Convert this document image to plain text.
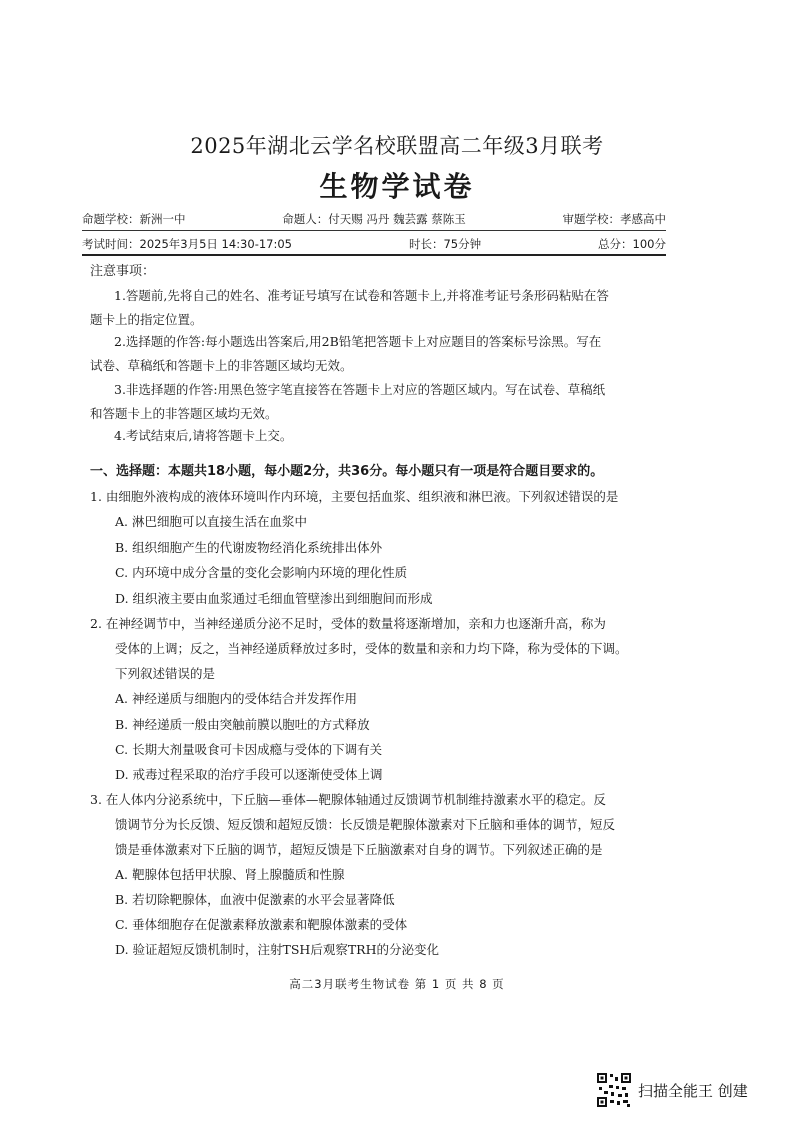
2025年湖北云学名校联盟高二年级3月联考
生物学试卷
命题学校：新洲一中	命题人：付天赐 冯丹 魏芸露 蔡陈玉	审题学校：孝感高中
考试时间：2025年3月5日 14:30-17:05	时长：75分钟	总分：100分
注意事项：
1.答题前,先将自己的姓名、准考证号填写在试卷和答题卡上,并将准考证号条形码粘贴在答
题卡上的指定位置。
2.选择题的作答:每小题选出答案后,用2B铅笔把答题卡上对应题目的答案标号涂黑。写在
试卷、草稿纸和答题卡上的非答题区域均无效。
3.非选择题的作答:用黑色签字笔直接答在答题卡上对应的答题区域内。写在试卷、草稿纸
和答题卡上的非答题区域均无效。
4.考试结束后,请将答题卡上交。
一、选择题：本题共18小题，每小题2分，共36分。每小题只有一项是符合题目要求的。
1. 由细胞外液构成的液体环境叫作内环境，主要包括血浆、组织液和淋巴液。下列叙述错误的是
A. 淋巴细胞可以直接生活在血浆中
B. 组织细胞产生的代谢废物经消化系统排出体外
C. 内环境中成分含量的变化会影响内环境的理化性质
D. 组织液主要由血浆通过毛细血管壁渗出到细胞间而形成
2. 在神经调节中，当神经递质分泌不足时，受体的数量将逐渐增加，亲和力也逐渐升高，称为
受体的上调；反之，当神经递质释放过多时，受体的数量和亲和力均下降，称为受体的下调。
下列叙述错误的是
A. 神经递质与细胞内的受体结合并发挥作用
B. 神经递质一般由突触前膜以胞吐的方式释放
C. 长期大剂量吸食可卡因成瘾与受体的下调有关
D. 戒毒过程采取的治疗手段可以逐渐使受体上调
3. 在人体内分泌系统中，下丘脑—垂体—靶腺体轴通过反馈调节机制维持激素水平的稳定。反
馈调节分为长反馈、短反馈和超短反馈：长反馈是靶腺体激素对下丘脑和垂体的调节，短反
馈是垂体激素对下丘脑的调节，超短反馈是下丘脑激素对自身的调节。下列叙述正确的是
A. 靶腺体包括甲状腺、肾上腺髓质和性腺
B. 若切除靶腺体，血液中促激素的水平会显著降低
C. 垂体细胞存在促激素释放激素和靶腺体激素的受体
D. 验证超短反馈机制时，注射TSH后观察TRH的分泌变化
高二3月联考生物试卷 第 1 页 共 8 页
扫描全能王 创建
